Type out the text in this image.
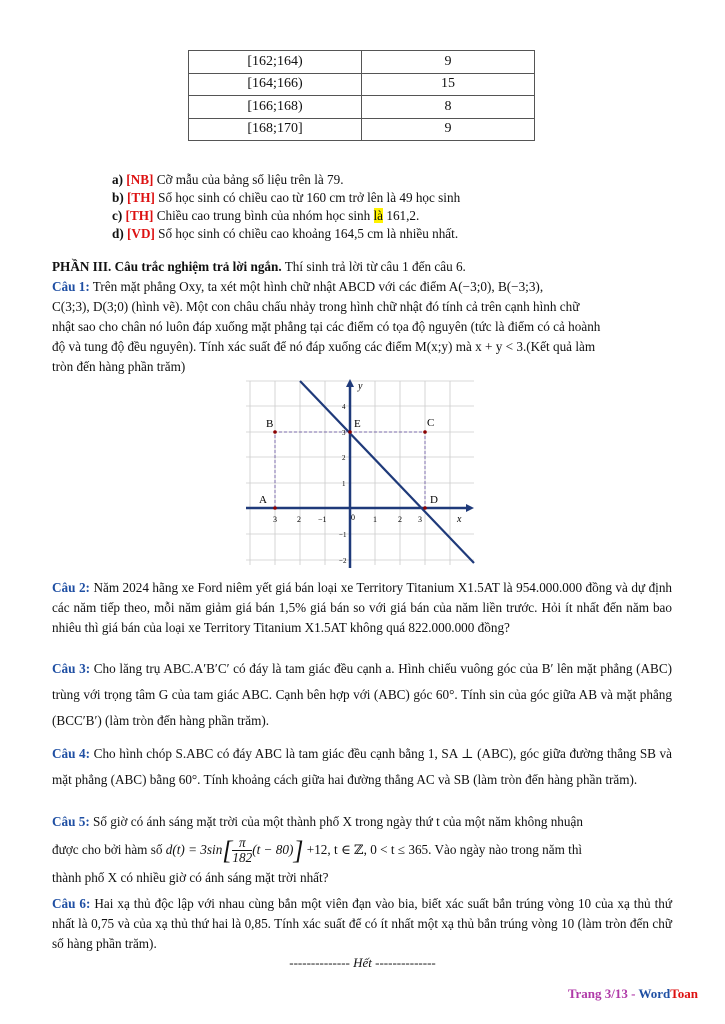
[162;164)	9
[164;166)	15
[166;168)	8
[168;170]	9
a) [NB] Cỡ mẫu của bảng số liệu trên là 79.
b) [TH] Số học sinh có chiều cao từ 160 cm trở lên là 49 học sinh
c) [TH] Chiều cao trung bình của nhóm học sinh là 161,2.
d) [VD] Số học sinh có chiều cao khoảng 164,5 cm là nhiều nhất.
PHẦN III. Câu trắc nghiệm trả lời ngắn. Thí sinh trả lời từ câu 1 đến câu 6.
Câu 1: Trên mặt phẳng Oxy, ta xét một hình chữ nhật ABCD với các điểm A(−3;0), B(−3;3),
C(3;3), D(3;0) (hình vẽ). Một con châu chấu nhảy trong hình chữ nhật đó tính cả trên cạnh hình chữ
nhật sao cho chân nó luôn đáp xuống mặt phẳng tại các điểm có tọa độ nguyên (tức là điểm có cả hoành
độ và tung độ đều nguyên). Tính xác suất để nó đáp xuống các điểm M(x;y) mà x + y < 3.(Kết quả làm
tròn đến hàng phần trăm)
A
B	C
D
E
x
y
3	2 −1	0 1	2 3
4
3
2
1
−1
−2
Câu 2: Năm 2024 hãng xe Ford niêm yết giá bán loại xe Territory Titanium X1.5AT là 954.000.000 đồng và dự định các năm tiếp theo, mỗi năm giảm giá bán 1,5% giá bán so với giá bán của năm liền trước. Hỏi ít nhất đến năm bao nhiêu thì giá bán của loại xe Territory Titanium X1.5AT không quá 822.000.000 đồng?
Câu 3: Cho lăng trụ ABC.A′B′C′ có đáy là tam giác đều cạnh a. Hình chiếu vuông góc của B′ lên mặt phẳng (ABC) trùng với trọng tâm G của tam giác ABC. Cạnh bên hợp với (ABC) góc 60°. Tính sin của góc giữa AB và mặt phẳng (BCC′B′) (làm tròn đến hàng phần trăm).
Câu 4: Cho hình chóp S.ABC có đáy ABC là tam giác đều cạnh bằng 1, SA ⊥ (ABC), góc giữa đường thẳng SB và mặt phẳng (ABC) bằng 60°. Tính khoảng cách giữa hai đường thẳng AC và SB (làm tròn đến hàng phần trăm).
Câu 5: Số giờ có ánh sáng mặt trời của một thành phố X trong ngày thứ t của một năm không nhuận
được cho bởi hàm số $d(t) = 3\sin[ \frac{\pi}{182} (t - 80)] +12$, t ∈ ℤ, 0 < t ≤ 365. Vào ngày nào trong năm thì
thành phố X có nhiều giờ có ánh sáng mặt trời nhất?
Câu 6: Hai xạ thủ độc lập với nhau cùng bắn một viên đạn vào bia, biết xác suất bắn trúng vòng 10 của xạ thủ thứ nhất là 0,75 và của xạ thủ thứ hai là 0,85. Tính xác suất để có ít nhất một xạ thủ bắn trúng vòng 10 (làm tròn đến chữ số hàng phần trăm).
-------------- Hết --------------
Trang 3/13 - WordToan
